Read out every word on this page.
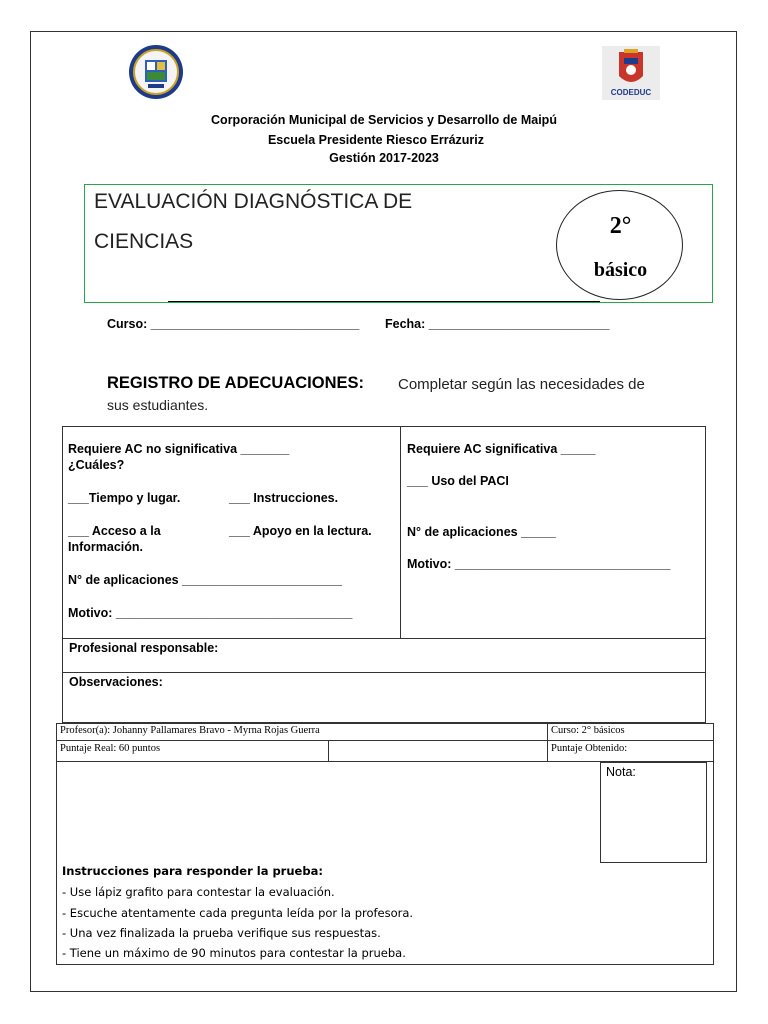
CODEDUC
Corporación Municipal de Servicios y Desarrollo de Maipú
Escuela Presidente Riesco Errázuriz
Gestión 2017-2023
EVALUACIÓN DIAGNÓSTICA DE
CIENCIAS
2°
básico
Curso: ______________________________ Fecha: __________________________
REGISTRO DE ADECUACIONES: Completar según las necesidades de
sus estudiantes.
Requiere AC no significativa _______
¿Cuáles?
___Tiempo y lugar.	___ Instrucciones.
___ Acceso a la
Información.
___ Apoyo en la lectura.
N° de aplicaciones _______________________
Motivo: __________________________________
Requiere AC significativa _____
___ Uso del PACI
N° de aplicaciones _____
Motivo: _______________________________
Profesional responsable:
Observaciones:
Profesor(a): Johanny Pallamares Bravo - Myrna Rojas Guerra	Curso: 2° básicos
Puntaje Real: 60 puntos	Puntaje Obtenido:
Nota:
Instrucciones para responder la prueba:
- Use lápiz grafito para contestar la evaluación.
- Escuche atentamente cada pregunta leída por la profesora.
- Una vez finalizada la prueba verifique sus respuestas.
- Tiene un máximo de 90 minutos para contestar la prueba.
